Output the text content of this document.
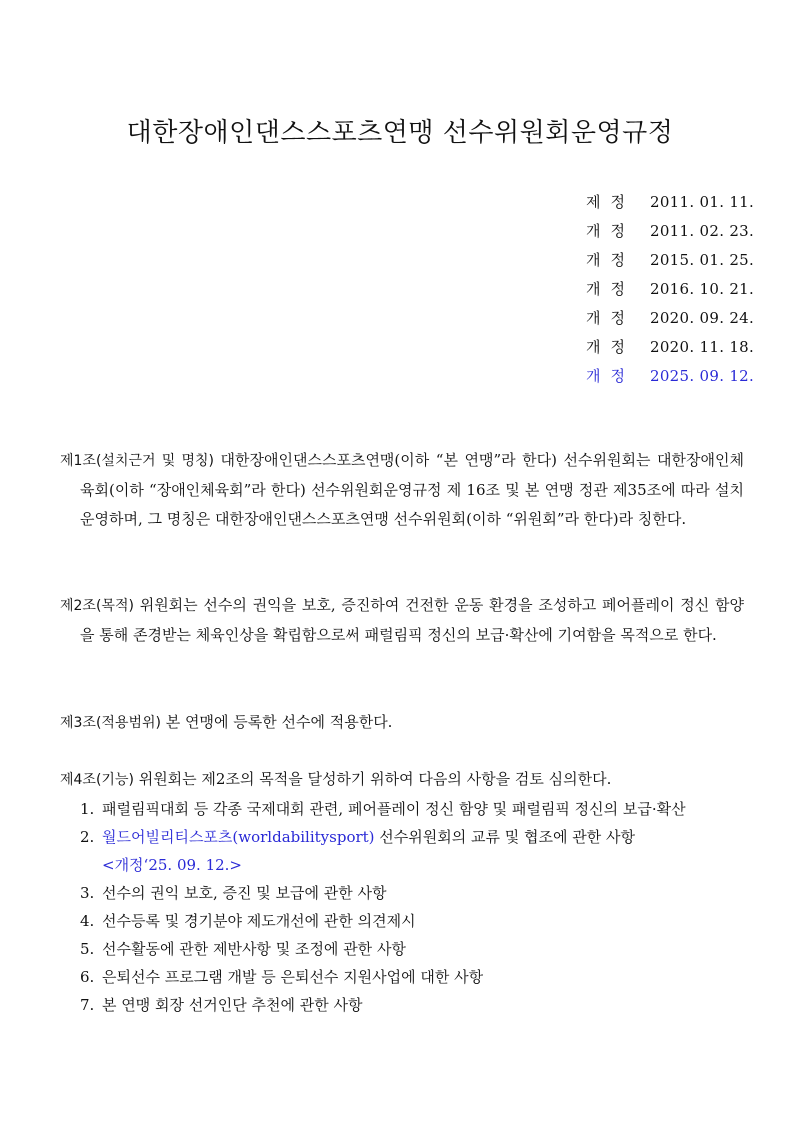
대한장애인댄스스포츠연맹 선수위원회운영규정
제정	2011. 01. 11.
개정	2011. 02. 23.
개정	2015. 01. 25.
개정	2016. 10. 21.
개정	2020. 09. 24.
개정	2020. 11. 18.
개정	2025. 09. 12.

제1조(설치근거 및 명칭) 대한장애인댄스스포츠연맹(이하 “본 연맹”라 한다) 선수위원회는 대한장애인체육회(이하 “장애인체육회”라 한다) 선수위원회운영규정 제 16조 및 본 연맹 정관 제35조에 따라 설치 운영하며, 그 명칭은 대한장애인댄스스포츠연맹 선수위원회(이하 “위원회”라 한다)라 칭한다.

제2조(목적) 위원회는 선수의 권익을 보호, 증진하여 건전한 운동 환경을 조성하고 페어플레이 정신 함양을 통해 존경받는 체육인상을 확립함으로써 패럴림픽 정신의 보급·확산에 기여함을 목적으로 한다.

제3조(적용범위) 본 연맹에 등록한 선수에 적용한다.

제4조(기능) 위원회는 제2조의 목적을 달성하기 위하여 다음의 사항을 검토 심의한다.

1. 패럴림픽대회 등 각종 국제대회 관련, 페어플레이 정신 함양 및 패럴림픽 정신의 보급·확산
2. 월드어빌리티스포츠(worldabilitysport) 선수위원회의 교류 및 협조에 관한 사항
<개정‘25. 09. 12.>
3. 선수의 권익 보호, 증진 및 보급에 관한 사항
4. 선수등록 및 경기분야 제도개선에 관한 의견제시
5. 선수활동에 관한 제반사항 및 조정에 관한 사항
6. 은퇴선수 프로그램 개발 등 은퇴선수 지원사업에 대한 사항
7. 본 연맹 회장 선거인단 추천에 관한 사항
